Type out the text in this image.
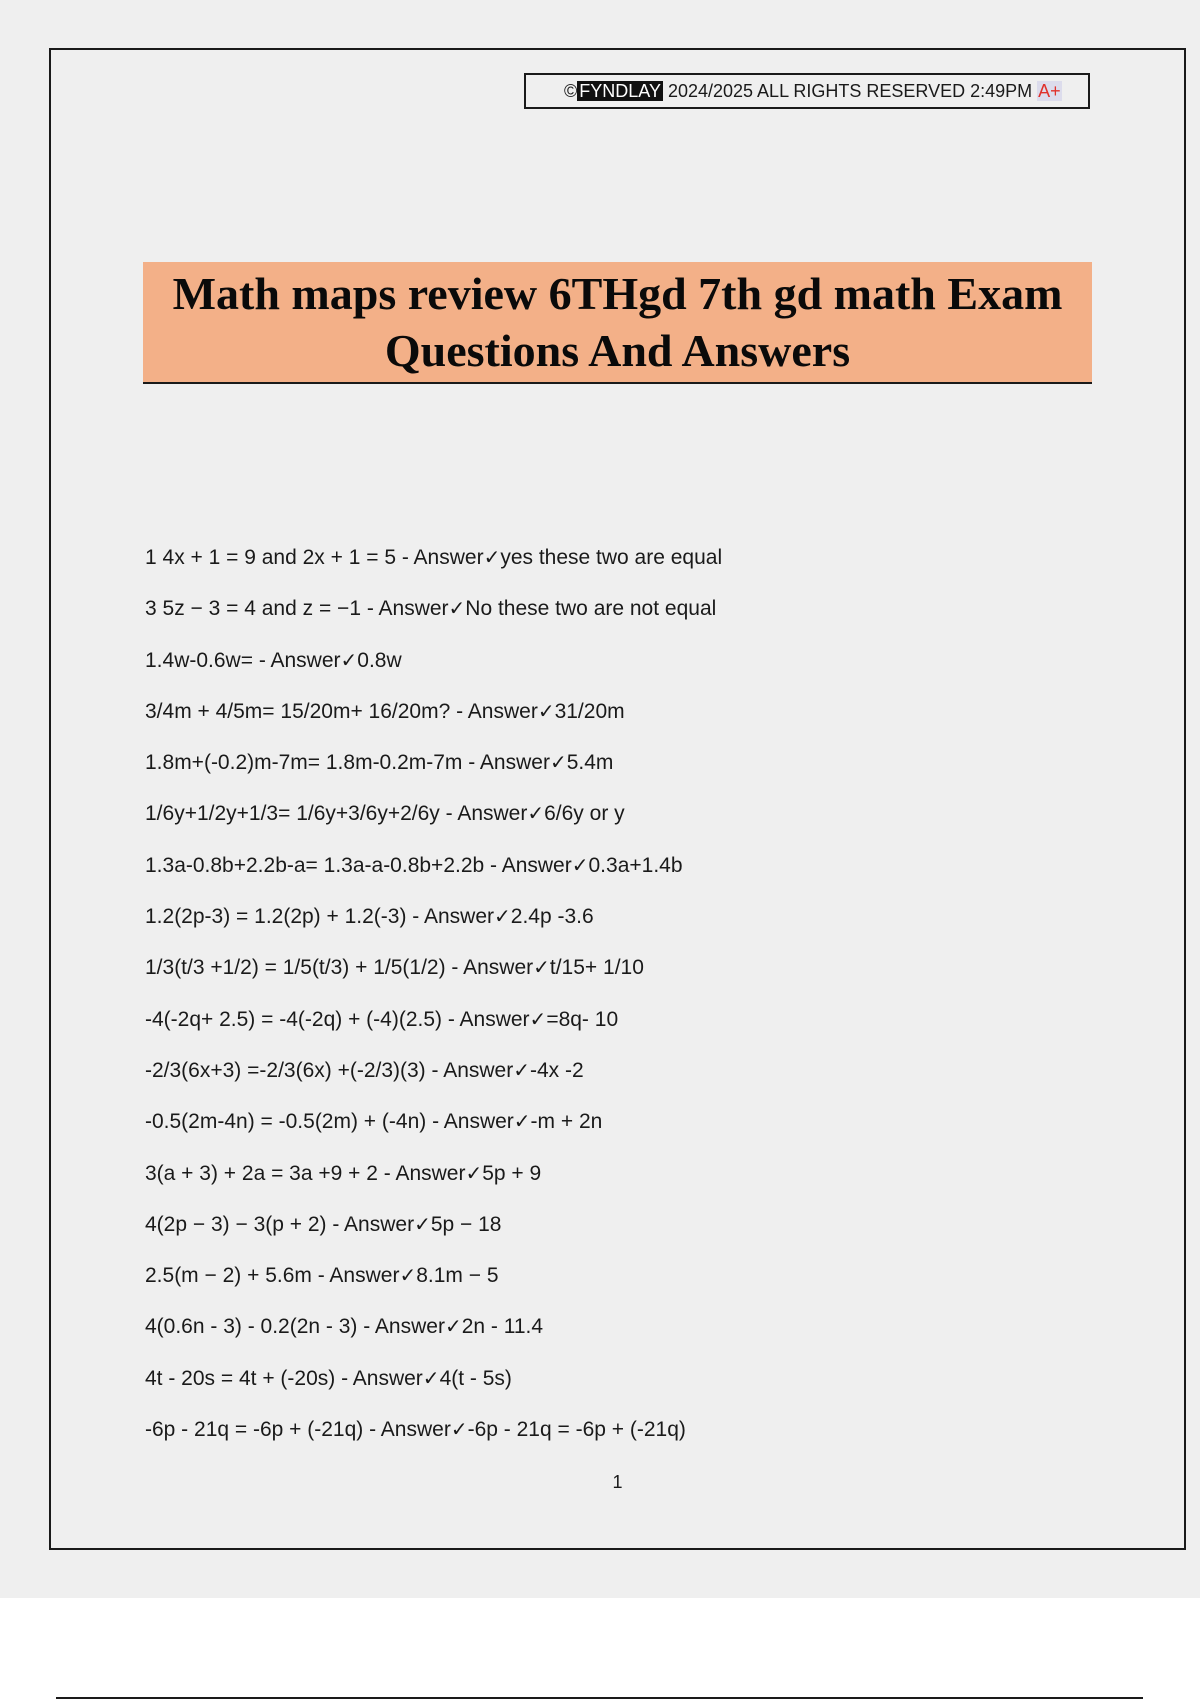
© FYNDLAY 2024/2025 ALL RIGHTS RESERVED 2:49PM A+
Math maps review 6THgd 7th gd math Exam
Questions And Answers
1 4x + 1 = 9 and 2x + 1 = 5 - Answer✓yes these two are equal
3 5z − 3 = 4 and z = −1 - Answer✓No these two are not equal
1.4w-0.6w= - Answer✓0.8w
3/4m + 4/5m= 15/20m+ 16/20m? - Answer✓31/20m
1.8m+(-0.2)m-7m= 1.8m-0.2m-7m - Answer✓5.4m
1/6y+1/2y+1/3= 1/6y+3/6y+2/6y - Answer✓6/6y or y
1.3a-0.8b+2.2b-a= 1.3a-a-0.8b+2.2b - Answer✓0.3a+1.4b
1.2(2p-3) = 1.2(2p) + 1.2(-3) - Answer✓2.4p -3.6
1/3(t/3 +1/2) = 1/5(t/3) + 1/5(1/2) - Answer✓t/15+ 1/10
-4(-2q+ 2.5) = -4(-2q) + (-4)(2.5) - Answer✓=8q- 10
-2/3(6x+3) =-2/3(6x) +(-2/3)(3) - Answer✓-4x -2
-0.5(2m-4n) = -0.5(2m) + (-4n) - Answer✓-m + 2n
3(a + 3) + 2a = 3a +9 + 2 - Answer✓5p + 9
4(2p − 3) − 3(p + 2) - Answer✓5p − 18
2.5(m − 2) + 5.6m - Answer✓8.1m − 5
4(0.6n - 3) - 0.2(2n - 3) - Answer✓2n - 11.4
4t - 20s = 4t + (-20s) - Answer✓4(t - 5s)
-6p - 21q = -6p + (-21q) - Answer✓-6p - 21q = -6p + (-21q)
1
